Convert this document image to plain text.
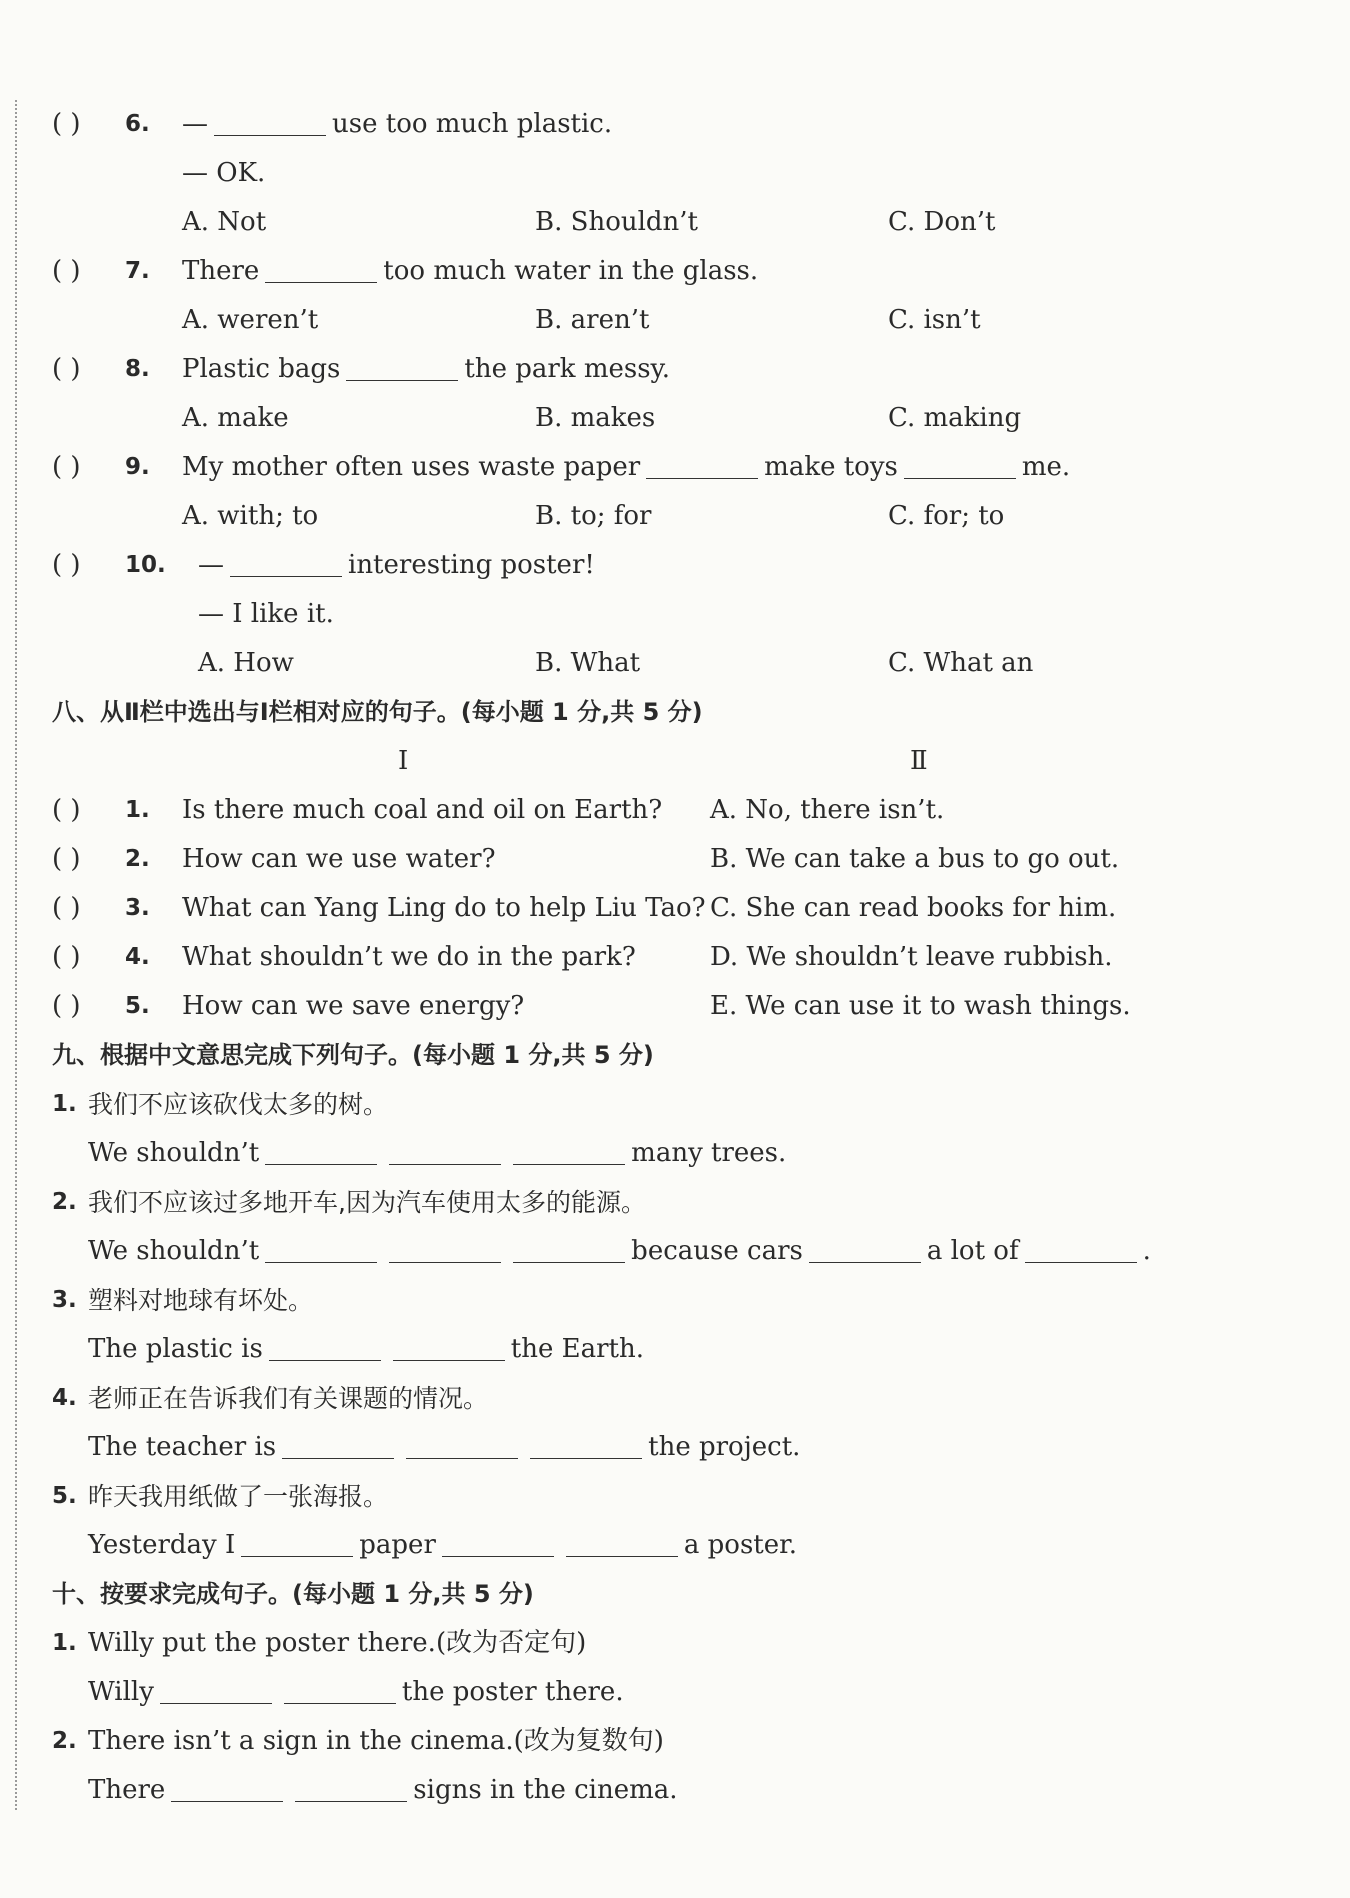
( ) 6. —	use too much plastic.
— OK.
A. Not	B. Shouldn’t	C. Don’t
( ) 7. There	too much water in the glass.
A. weren’t	B. aren’t	C. isn’t
( ) 8. Plastic bags	the park messy.
A. make	B. makes	C. making
( ) 9. My mother often uses waste paper	make toys	me.
A. with; to	B. to; for	C. for; to
( ) 10. —	interesting poster!
— I like it.
A. How	B. What	C. What an
八、从Ⅱ栏中选出与Ⅰ栏相对应的句子。(每小题 1 分,共 5 分)
Ⅰ	Ⅱ
( ) 1. Is there much coal and oil on Earth? A. No, there isn’t.
( ) 2. How can we use water?	B. We can take a bus to go out.
( ) 3. What can Yang Ling do to help Liu Tao? C. She can read books for him.
( ) 4. What shouldn’t we do in the park?	D. We shouldn’t leave rubbish.
( ) 5. How can we save energy?	E. We can use it to wash things.
九、根据中文意思完成下列句子。(每小题 1 分,共 5 分)
1. 我们不应该砍伐太多的树。
We shouldn’t	many trees.
2. 我们不应该过多地开车,因为汽车使用太多的能源。
We shouldn’t	because cars	a lot of	.
3. 塑料对地球有坏处。
The plastic is	the Earth.
4. 老师正在告诉我们有关课题的情况。
The teacher is	the project.
5. 昨天我用纸做了一张海报。
Yesterday I	paper	a poster.
十、按要求完成句子。(每小题 1 分,共 5 分)
1. Willy put the poster there.(改为否定句)
Willy	the poster there.
2. There isn’t a sign in the cinema.(改为复数句)
There	signs in the cinema.
